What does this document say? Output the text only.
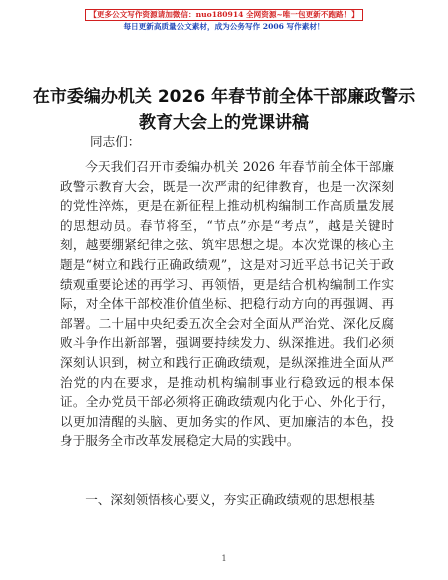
【更多公文写作资源请加微信：nuo180914 全网资源~唯一包更新不跑路！】
每日更新高质量公文素材，成为公务写作 2006 写作素材！
在市委编办机关 2026 年春节前全体干部廉政警示教育大会上的党课讲稿
同志们：
今天我们召开市委编办机关 2026 年春节前全体干部廉政警示教育大会，既是一次严肃的纪律教育，也是一次深刻的党性淬炼，更是在新征程上推动机构编制工作高质量发展的思想动员。春节将至，“节点”亦是“考点”，越是关键时刻，越要绷紧纪律之弦、筑牢思想之堤。本次党课的核心主题是“树立和践行正确政绩观”，这是对习近平总书记关于政绩观重要论述的再学习、再领悟，更是结合机构编制工作实际，对全体干部校准价值坐标、把稳行动方向的再强调、再部署。二十届中央纪委五次全会对全面从严治党、深化反腐败斗争作出新部署，强调要持续发力、纵深推进。我们必须深刻认识到，树立和践行正确政绩观，是纵深推进全面从严治党的内在要求，是推动机构编制事业行稳致远的根本保证。全办党员干部必须将正确政绩观内化于心、外化于行，以更加清醒的头脑、更加务实的作风、更加廉洁的本色，投身于服务全市改革发展稳定大局的实践中。
一、深刻领悟核心要义，夯实正确政绩观的思想根基
1
